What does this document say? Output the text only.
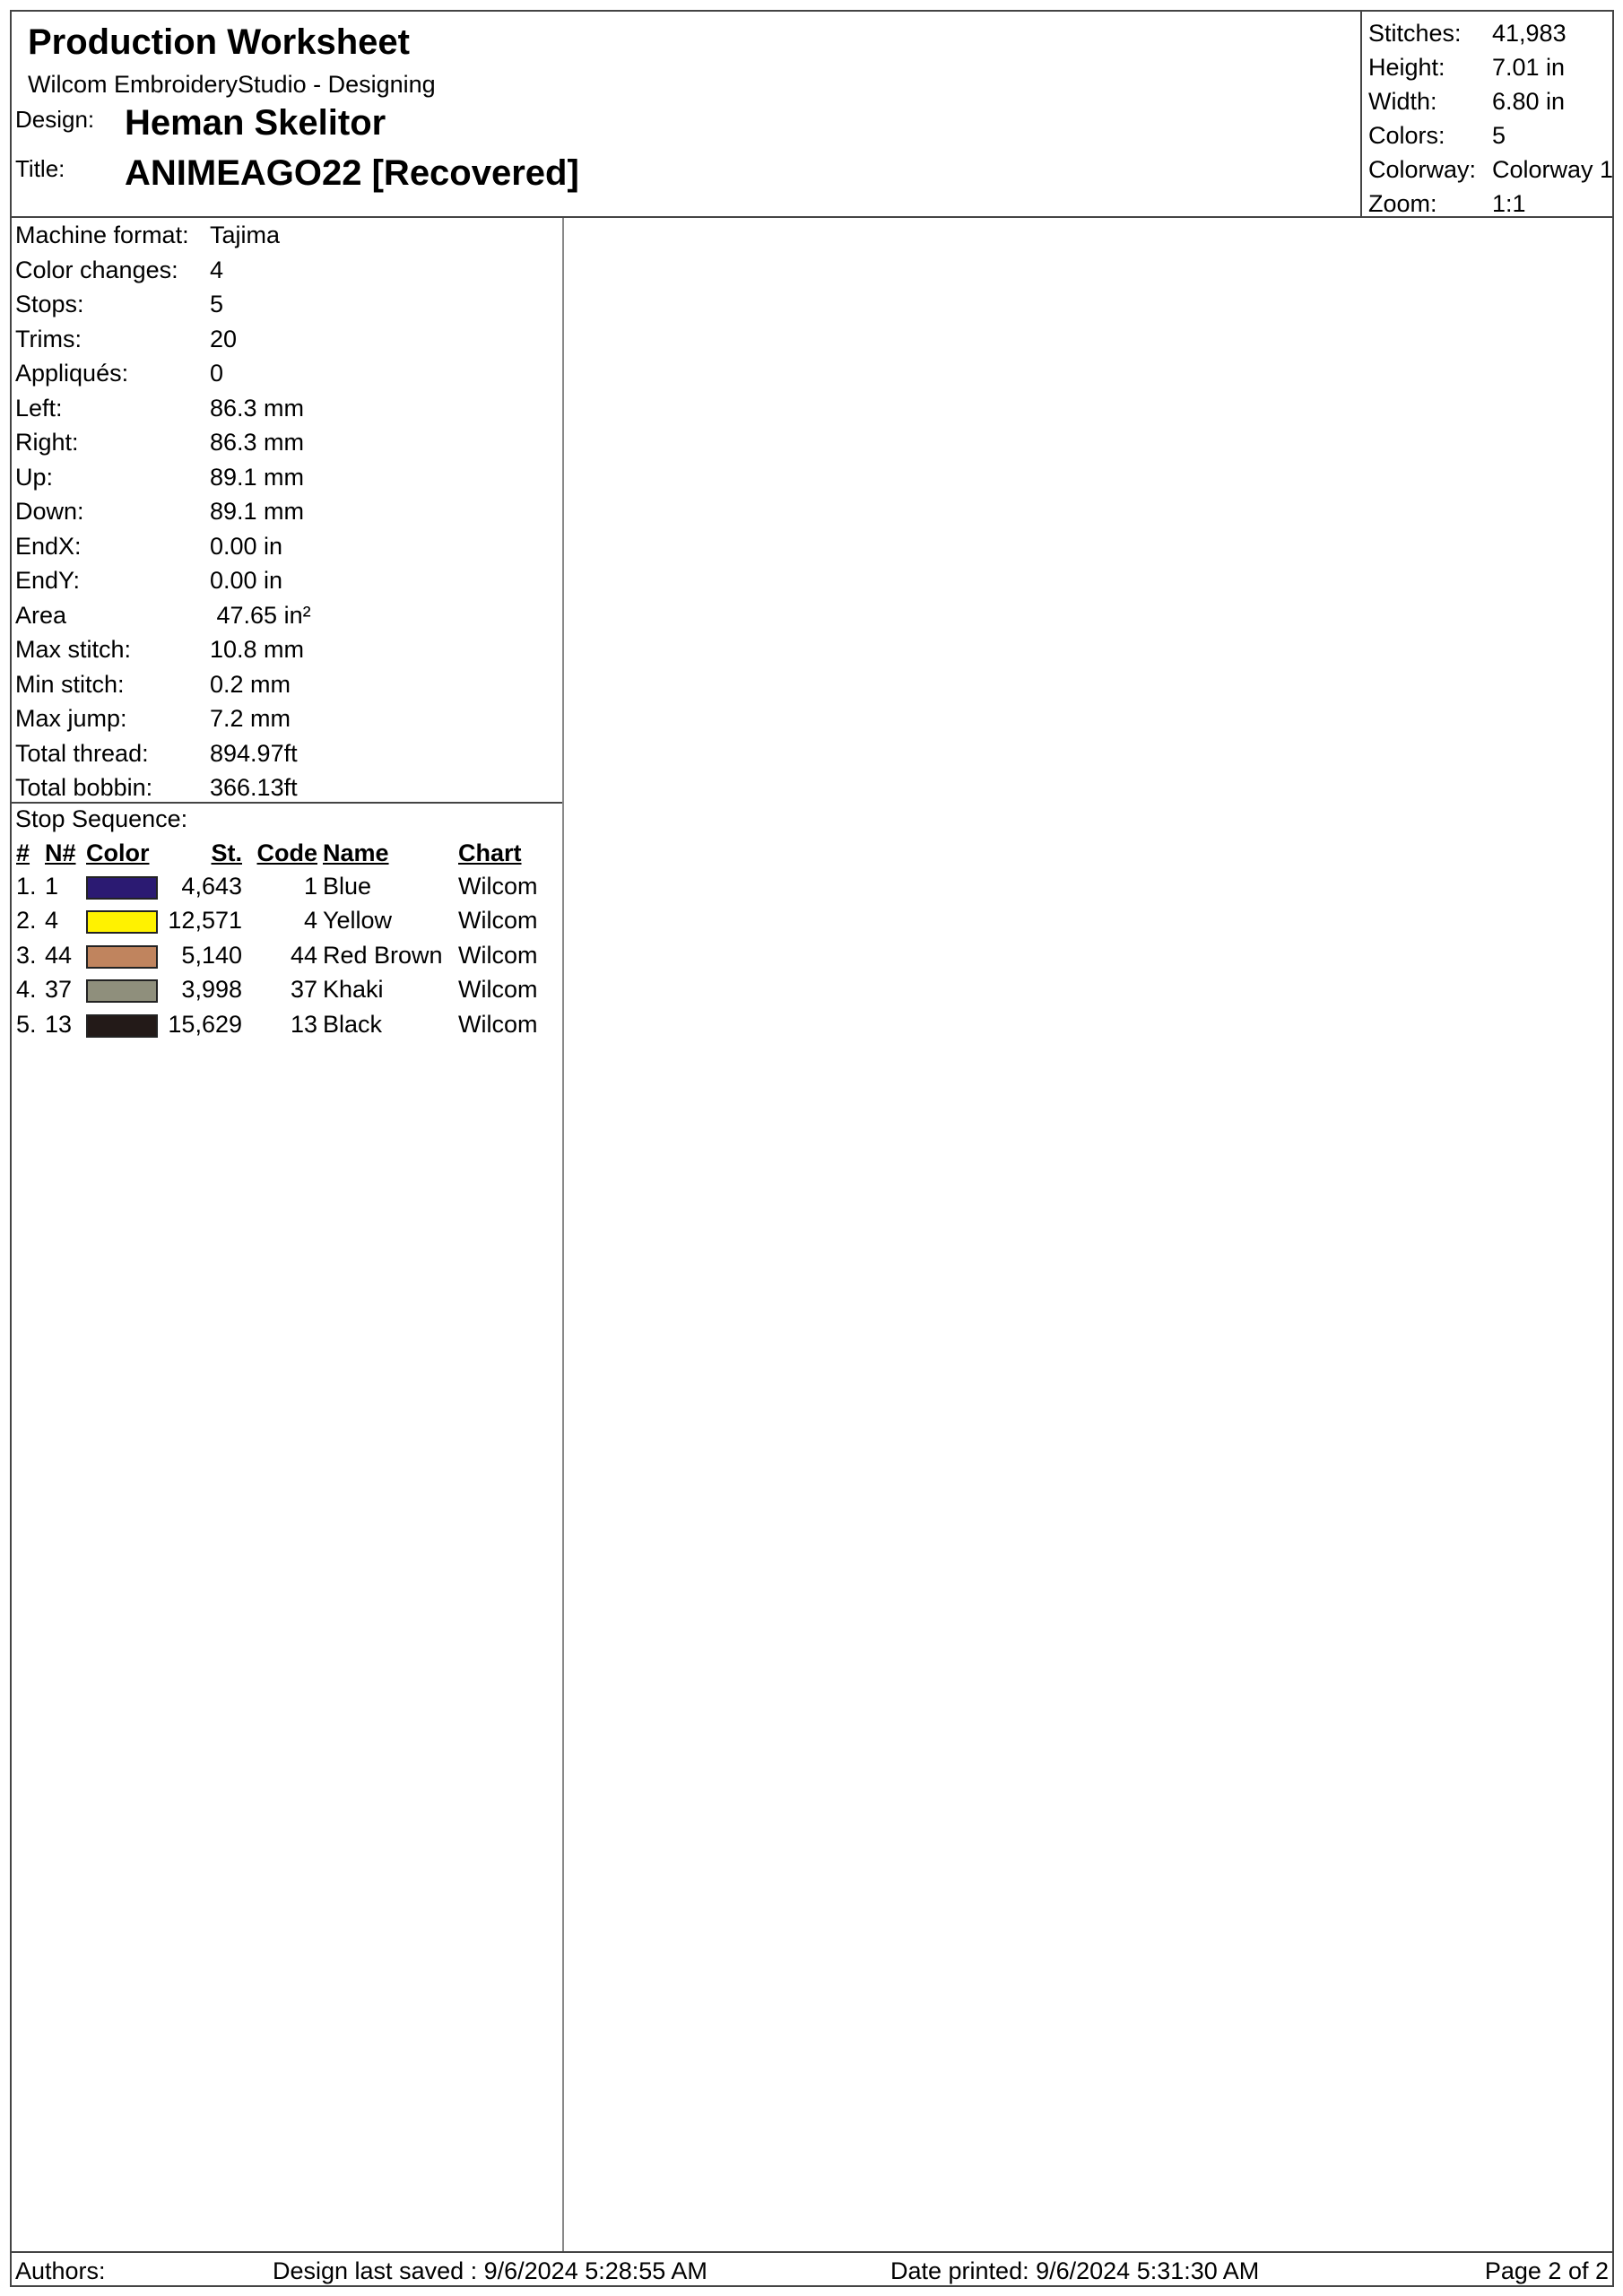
Production Worksheet
Wilcom EmbroideryStudio - Designing
Design: Heman Skelitor
Title: ANIMEAGO22 [Recovered]
Stitches: 41,983
Height: 7.01 in
Width: 6.80 in
Colors: 5
Colorway: Colorway 1
Zoom: 1:1
Machine format: Tajima
Color changes: 4
Stops:	5
Trims:	20
Appliqués:	0
Left:	86.3 mm
Right:	86.3 mm
Up:	89.1 mm
Down:	89.1 mm
EndX:	0.00 in
EndY:	0.00 in
Area	47.65 in²
Max stitch:	10.8 mm
Min stitch:	0.2 mm
Max jump:	7.2 mm
Total thread:	894.97ft
Total bobbin: 366.13ft
Stop Sequence:
#	N#	Color	St.	Code	Name	Chart
1.	1		4,643	1	Blue	Wilcom
2.	4		12,571	4	Yellow	Wilcom
3.	44		5,140	44	Red Brown	Wilcom
4.	37		3,998	37	Khaki	Wilcom
5.	13		15,629	13	Black	Wilcom
Authors:	Design last saved : 9/6/2024 5:28:55 AM	Date printed: 9/6/2024 5:31:30 AM	Page 2 of 2
